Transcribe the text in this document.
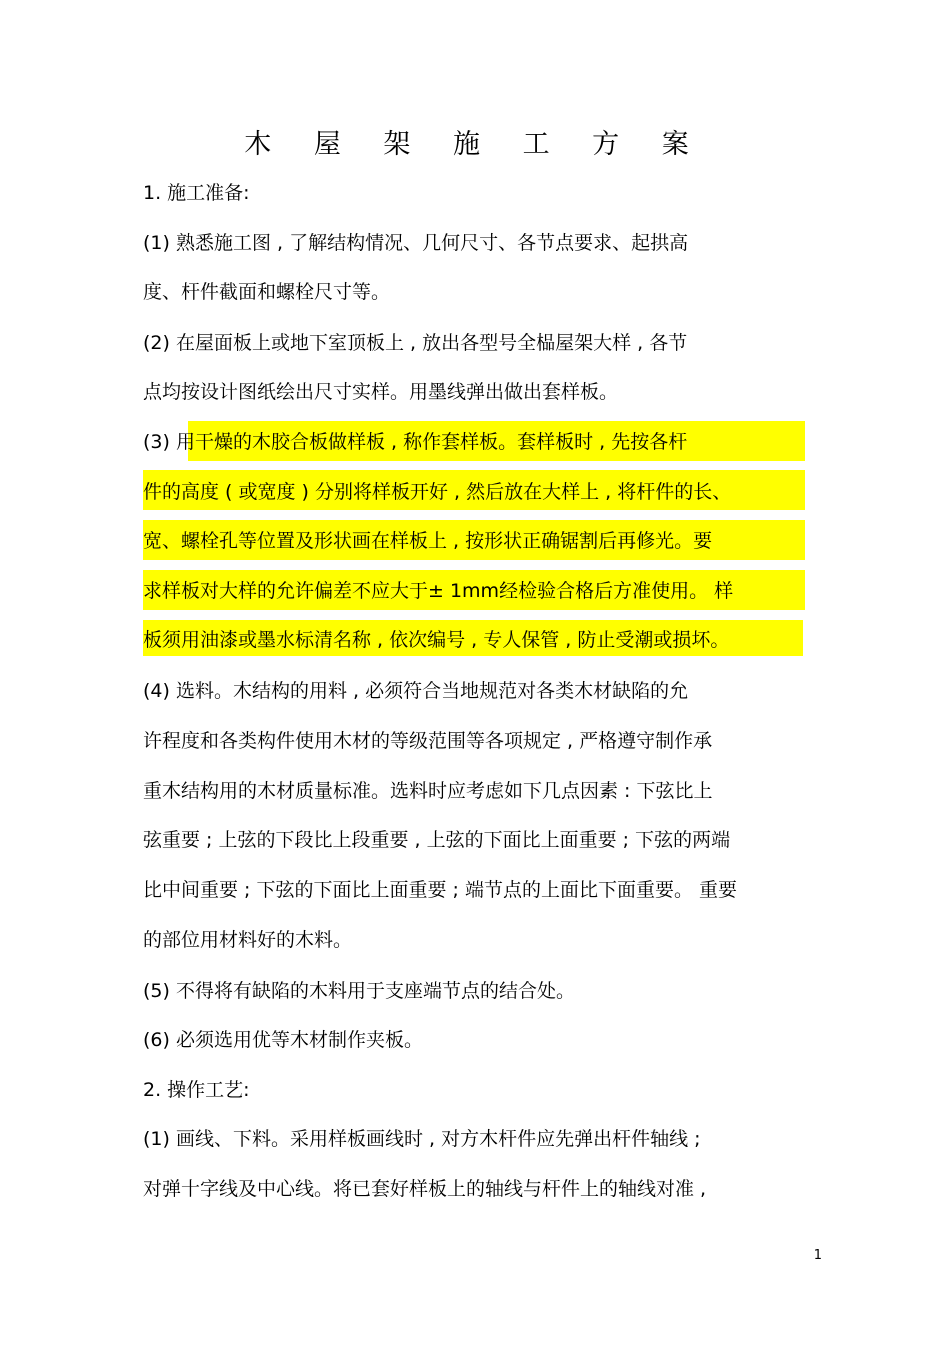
木 屋 架 施 工 方 案
1. 施工准备:
(1) 熟悉施工图 , 了解结构情况、几何尺寸、各节点要求、起拱高
度、杆件截面和螺栓尺寸等。
(2) 在屋面板上或地下室顶板上 , 放出各型号全榀屋架大样 , 各节
点均按设计图纸绘出尺寸实样。用墨线弹出做出套样板。
(3) 用干燥的木胶合板做样板 , 称作套样板。套样板时 , 先按各杆
件的高度 ( 或宽度 ) 分别将样板开好 , 然后放在大样上 , 将杆件的长、
宽、螺栓孔等位置及形状画在样板上 , 按形状正确锯割后再修光。要
求样板对大样的允许偏差不应大于± 1mm经检验合格后方准使用。 样
板须用油漆或墨水标清名称 , 依次编号 , 专人保管 , 防止受潮或损坏。
(4) 选料。木结构的用料 , 必须符合当地规范对各类木材缺陷的允
许程度和各类构件使用木材的等级范围等各项规定 , 严格遵守制作承
重木结构用的木材质量标准。选料时应考虑如下几点因素 : 下弦比上
弦重要 ; 上弦的下段比上段重要 , 上弦的下面比上面重要 ; 下弦的两端
比中间重要 ; 下弦的下面比上面重要 ; 端节点的上面比下面重要。 重要
的部位用材料好的木料。
(5) 不得将有缺陷的木料用于支座端节点的结合处。
(6) 必须选用优等木材制作夹板。
2. 操作工艺:
(1) 画线、下料。采用样板画线时 , 对方木杆件应先弹出杆件轴线 ;
对弹十字线及中心线。将已套好样板上的轴线与杆件上的轴线对准 ,
1
